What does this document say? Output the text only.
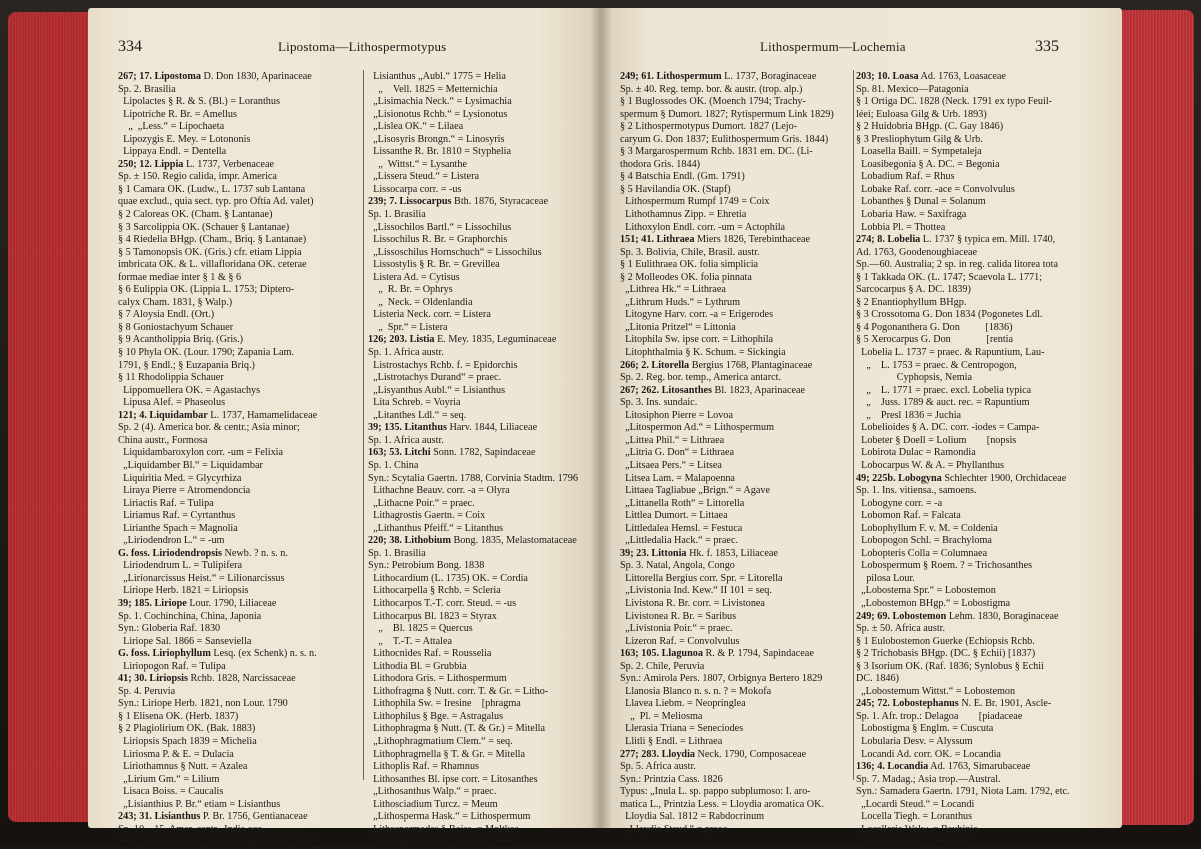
334	Lipostoma—Lithospermotypus
267; 17. Lipostoma D. Don 1830, Aparinaceae
Sp. 2. Brasilia
Lipolactes § R. & S. (Bl.) = Loranthus
Lipotriche R. Br. = Amellus
„  „Less.“ = Lipochaeta
Lipozygis E. Mey. = Lotononis
Lippaya Endl. = Dentella
250; 12. Lippia L. 1737, Verbenaceae
Sp. ± 150. Regio calida, impr. America
§ 1 Camara OK. (Ludw., L. 1737 sub Lantana
quae exclud., quia sect. typ. pro Oftia Ad. valet)
§ 2 Caloreas OK. (Cham. § Lantanae)
§ 3 Sarcolippia OK. (Schauer § Lantanae)
§ 4 Riedelia BHgp. (Cham., Briq. § Lantanae)
§ 5 Tamonopsis OK. (Gris.) cfr. etiam Lippia
imbricata OK. & L. villafloridana OK. ceterae
formae mediae inter § 1 & § 6
§ 6 Eulippia OK. (Lippia L. 1753; Diptero-
calyx Cham. 1831, § Walp.)
§ 7 Aloysia Endl. (Ort.)
§ 8 Goniostachyum Schauer
§ 9 Acantholippia Briq. (Gris.)
§ 10 Phyla OK. (Lour. 1790; Zapania Lam.
1791, § Endl.; § Euzapania Briq.)
§ 11 Rhodolippia Schauer
Lippomuellera OK. = Agastachys
Lipusa Alef. = Phaseolus
121; 4. Liquidambar L. 1737, Hamamelidaceae
Sp. 2 (4). America bor. & centr.; Asia minor;
China austr., Formosa
Liquidambaroxylon corr. -um = Felixia
„Liquidamber Bl.“ = Liquidambar
Liquiritia Med. = Glycyrhiza
Liraya Pierre = Atromendoncia
Liriactis Raf. = Tulipa
Liriamus Raf. = Cyrtanthus
Lirianthe Spach = Magnolia
„Liriodendron L.“ = -um
G. foss. Liriodendropsis Newb. ? n. s. n.
Liriodendrum L. = Tulipifera
„Lirionarcissus Heist.“ = Lilionarcissus
Liriope Herb. 1821 = Liriopsis
39; 185. Liriope Lour. 1790, Liliaceae
Sp. 1. Cochinchina, China, Japonia
Syn.: Globeria Raf. 1830
Liriope Sal. 1866 = Sanseviella
G. foss. Liriophyllum Lesq. (ex Schenk) n. s. n.
Liriopogon Raf. = Tulipa
41; 30. Liriopsis Rchb. 1828, Narcissaceae
Sp. 4. Peruvia
Syn.: Liriope Herb. 1821, non Lour. 1790
§ 1 Elisena OK. (Herb. 1837)
§ 2 Plagiolirium OK. (Bak. 1883)
Liriopsis Spach 1839 = Michelia
Liriosma P. & E. = Dulacia
Liriothamnus § Nutt. = Azalea
„Lirium Gm.“ = Lilium
Lisaca Boiss. = Caucalis
„Lisianthius P. Br.“ etiam = Lisianthus
243; 31. Lisianthus P. Br. 1756, Gentianaceae
Sp. 10—15. Amer. centr., India occ.
Syn.: Lejanthus & § Omphalostigma Gris. 1839
Lisianthus „Aubl.“ 1775 = Helia
„    Vell. 1825 = Metternichia
„Lisimachia Neck.“ = Lysimachia
„Lisionotus Rchb.“ = Lysionotus
„Lislea OK.“ = Lilaea
„Lisosyris Brongn.“ = Linosyris
Lissanthe R. Br. 1810 = Styphelia
„  Wittst.“ = Lysanthe
„Lissera Steud.“ = Listera
Lissocarpa corr. = -us
239; 7. Lissocarpus Bth. 1876, Styracaceae
Sp. 1. Brasilia
„Lissochilos Bartl.“ = Lissochilus
Lissochilus R. Br. = Graphorchis
„Lissoschilus Hornschuch“ = Lissochilus
Lissostylis § R. Br. = Grevillea
Listera Ad. = Cytisus
„  R. Br. = Ophrys
„  Neck. = Oldenlandia
Listeria Neck. corr. = Listera
„  Spr.“ = Listera
126; 203. Listia E. Mey. 1835, Leguminaceae
Sp. 1. Africa austr.
Listrostachys Rchb. f. = Epidorchis
„Listrotachys Durand“ = praec.
„Lisyanthus Aubl.“ = Lisianthus
Lita Schreb. = Voyria
„Litanthes Ldl.“ = seq.
39; 135. Litanthus Harv. 1844, Liliaceae
Sp. 1. Africa austr.
163; 53. Litchi Sonn. 1782, Sapindaceae
Sp. 1. China
Syn.: Scytalia Gaertn. 1788, Corvinia Stadtm. 1796
Lithachne Beauv. corr. -a = Olyra
„Lithacne Poir.“ = praec.
Lithagrostis Gaertn. = Coix
„Lithanthus Pfeiff.“ = Litanthus
220; 38. Lithobium Bong. 1835, Melastomataceae
Sp. 1. Brasilia
Syn.: Petrobium Bong. 1838
Lithocardium (L. 1735) OK. = Cordia
Lithocarpella § Rchb. = Scleria
Lithocarpos T.-T. corr. Steud. = -us
Lithocarpus Bl. 1823 = Styrax
„    Bl. 1825 = Quercus
„    T.-T. = Attalea
Lithocnides Raf. = Rousselia
Lithodia Bl. = Grubbia
Lithodora Gris. = Lithospermum
Lithofragma § Nutt. corr. T. & Gr. = Litho-
Lithophila Sw. = Iresine    [phragma
Lithophilus § Bge. = Astragalus
Lithophragma § Nutt. (T. & Gr.) = Mitella
„Lithophragmatium Clem.“ = seq.
Lithophragmella § T. & Gr. = Mitella
Lithoplis Raf. = Rhamnus
Lithosanthes Bl. ipse corr. = Litosanthes
„Lithosanthus Walp.“ = praec.
Lithosciadium Turcz. = Meum
„Lithosperma Hask.“ = Lithospermum
Lithospermodes § Boiss. = Moltkea
Lithospermotypus § Dumort. = seq.
Lithospermum—Lochemia	335
249; 61. Lithospermum L. 1737, Boraginaceae
Sp. ± 40. Reg. temp. bor. & austr. (trop. alp.)
§ 1 Buglossodes OK. (Moench 1794; Trachy-
spermum § Dumort. 1827; Rytispermum Link 1829)
§ 2 Lithospermotypus Dumort. 1827 (Lejo-
caryum G. Don 1837; Eulithospermum Gris. 1844)
§ 3 Margarospermum Rchb. 1831 em. DC. (Li-
thodora Gris. 1844)
§ 4 Batschia Endl. (Gm. 1791)
§ 5 Havilandia OK. (Stapf)
Lithospermum Rumpf 1749 = Coix
Lithothamnus Zipp. = Ehretia
Lithoxylon Endl. corr. -um = Actophila
151; 41. Lithraea Miers 1826, Terebinthaceae
Sp. 3. Bolivia, Chile, Brasil. austr.
§ 1 Eulithraea OK. folia simplicia
§ 2 Molleodes OK. folia pinnata
„Lithrea Hk.“ = Lithraea
„Lithrum Huds.“ = Lythrum
Litogyne Harv. corr. -a = Erigerodes
„Litonia Pritzel“ = Littonia
Litophila Sw. ipse corr. = Lithophila
Litophthalmia § K. Schum. = Sickingia
266; 2. Litorella Bergius 1768, Plantaginaceae
Sp. 2. Reg. bor. temp., America antarct.
267; 262. Litosanthes Bl. 1823, Aparinaceae
Sp. 3. Ins. sundaic.
Litosiphon Pierre = Lovoa
„Litospermon Ad.“ = Lithospermum
„Littea Phil.“ = Lithraea
„Litria G. Don“ = Lithraea
„Litsaea Pers.“ = Litsea
Litsea Lam. = Malapoenna
Littaea Tagliabue „Brign.“ = Agave
„Littanella Roth“ = Littorella
Littlea Dumort. = Littaea
Littledalea Hemsl. = Festuca
„Littledalia Hack.“ = praec.
39; 23. Littonia Hk. f. 1853, Liliaceae
Sp. 3. Natal, Angola, Congo
Littorella Bergius corr. Spr. = Litorella
„Livistonia Ind. Kew.“ II 101 = seq.
Livistona R. Br. corr. = Livistonea
Livistonea R. Br. = Saribus
„Livistonia Poir.“ = praec.
Lizeron Raf. = Convolvulus
163; 105. Llagunoa R. & P. 1794, Sapindaceae
Sp. 2. Chile, Peruvia
Syn.: Amirola Pers. 1807, Orbignya Bertero 1829
Llanosia Blanco n. s. n. ? = Mokofa
Llavea Liebm. = Neopringlea
„  Pl. = Meliosma
Llerasia Triana = Seneciodes
Llitli § Endl. = Lithraea
277; 283. Lloydia Neck. 1790, Composaceae
Sp. 5. Africa austr.
Syn.: Printzia Cass. 1826
Typus: „Inula L. sp. pappo subplumoso: I. aro-
matica L., Printzia Less. = Lloydia aromatica OK.
Lloydia Sal. 1812 = Rabdocrinum
„Lloydia Steud.“ = praec.
203; 10. Loasa Ad. 1763, Loasaceae
Sp. 81. Mexico—Patagonia
§ 1 Ortiga DC. 1828 (Neck. 1791 ex typo Feuil-
léei; Euloasa Gilg & Urb. 1893)
§ 2 Huidobria BHgp. (C. Gay 1846)
§ 3 Presliophytum Gilg & Urb.
Loasella Baill. = Sympetaleja
Loasibegonia § A. DC. = Begonia
Lobadium Raf. = Rhus
Lobake Raf. corr. -ace = Convolvulus
Lobanthes § Dunal = Solanum
Lobaria Haw. = Saxifraga
Lobbia Pl. = Thottea
274; 8. Lobelia L. 1737 § typica em. Mill. 1740,
Ad. 1763, Goodenoughiaceae
Sp.—60. Australia; 2 sp. in reg. calida litorea tota
§ 1 Takkada OK. (L. 1747; Scaevola L. 1771;
Sarcocarpus § A. DC. 1839)
§ 2 Enantiophyllum BHgp.
§ 3 Crossotoma G. Don 1834 (Pogonetes Ldl.
§ 4 Pogonanthera G. Don          [1836)
§ 5 Xerocarpus G. Don              [rentia
Lobelia L. 1737 = praec. & Rapuntium, Lau-
„    L. 1753 = praec. & Centropogon,
Cyphopsis, Nemia
„    L. 1771 = praec. excl. Lobelia typica
„    Juss. 1789 & auct. rec. = Rapuntium
„    Presl 1836 = Juchia
Lobelioides § A. DC. corr. -iodes = Campa-
Lobeter § Doell = Lolium        [nopsis
Lobirota Dulac = Ramondia
Lobocarpus W. & A. = Phyllanthus
49; 225b. Lobogyna Schlechter 1900, Orchidaceae
Sp. 1. Ins. vitiensa., samoens.
Lobogyne corr. = -a
Lobomon Raf. = Falcata
Lobophyllum F. v. M. = Coldenia
Lobopogon Schl. = Brachyloma
Lobopteris Colla = Columnaea
Lobospermum § Roem. ? = Trichosanthes
pilosa Lour.
„Lobostema Spr.“ = Lobostemon
„Lobostemon BHgp.“ = Lobostigma
249; 69. Lobostemon Lehm. 1830, Boraginaceae
Sp. ± 50. Africa austr.
§ 1 Eulobostemon Guerke (Echiopsis Rchb.
§ 2 Trichobasis BHgp. (DC. § Echii) [1837)
§ 3 Isorium OK. (Raf. 1836; Synlobus § Echii
DC. 1846)
„Lobostemum Wittst.“ = Lobostemon
245; 72. Lobostephanus N. E. Br. 1901, Ascle-
Sp. 1. Afr. trop.: Delagoa        [piadaceae
Lobostigma § Englm. = Cuscuta
Lobularia Desv. = Alyssum
Locandi Ad. corr. OK. = Locandia
136; 4. Locandia Ad. 1763, Simarubaceae
Sp. 7. Madag.; Asia trop.—Austral.
Syn.: Samadera Gaertn. 1791, Niota Lam. 1792, etc.
„Locardi Steud.“ = Locandi
Locella Tiegh. = Loranthus
Locellaria Welw. = Bauhinia
Lochemia Arn. = Melochia
